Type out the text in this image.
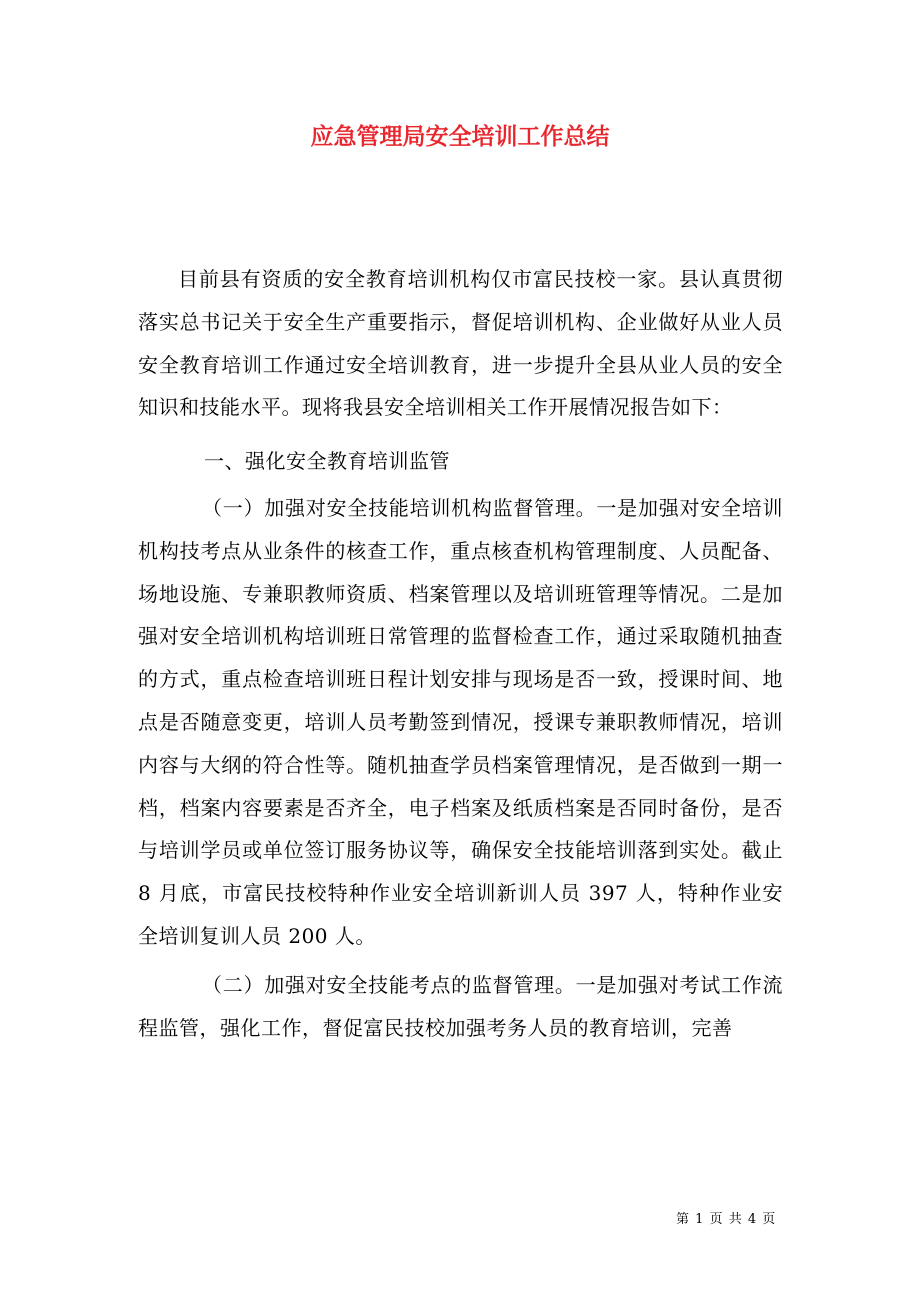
应急管理局安全培训工作总结

目前县有资质的安全教育培训机构仅市富民技校一家。县认真贯彻落实总书记关于安全生产重要指示，督促培训机构、企业做好从业人员安全教育培训工作通过安全培训教育，进一步提升全县从业人员的安全知识和技能水平。现将我县安全培训相关工作开展情况报告如下：

一、强化安全教育培训监管

（一）加强对安全技能培训机构监督管理。一是加强对安全培训机构技考点从业条件的核查工作，重点核查机构管理制度、人员配备、场地设施、专兼职教师资质、档案管理以及培训班管理等情况。二是加强对安全培训机构培训班日常管理的监督检查工作，通过采取随机抽查的方式，重点检查培训班日程计划安排与现场是否一致，授课时间、地点是否随意变更，培训人员考勤签到情况，授课专兼职教师情况，培训内容与大纲的符合性等。随机抽查学员档案管理情况，是否做到一期一档，档案内容要素是否齐全，电子档案及纸质档案是否同时备份，是否与培训学员或单位签订服务协议等，确保安全技能培训落到实处。截止 8 月底，市富民技校特种作业安全培训新训人员 397 人，特种作业安全培训复训人员 200 人。

（二）加强对安全技能考点的监督管理。一是加强对考试工作流程监管，强化工作，督促富民技校加强考务人员的教育培训，完善

第 1 页 共 4 页
